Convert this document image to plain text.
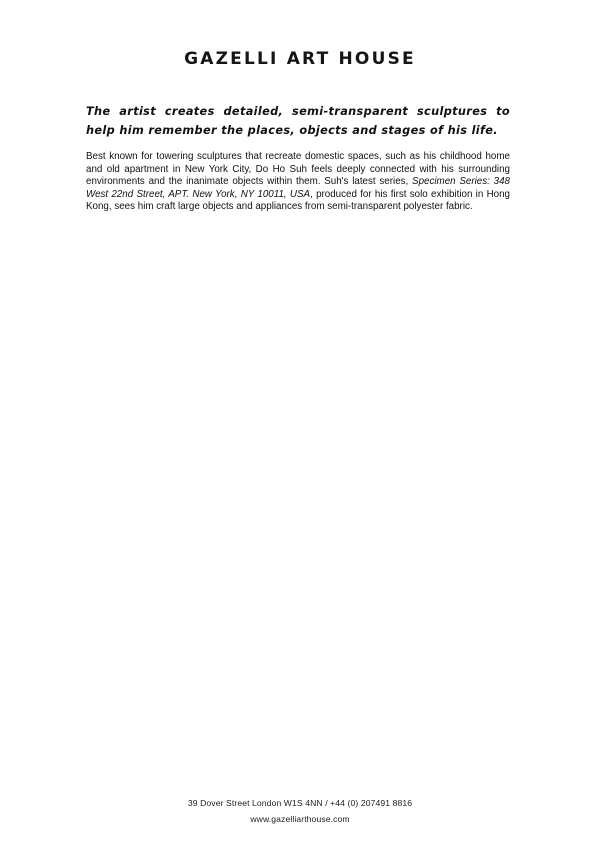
GAZELLI ART HOUSE

The artist creates detailed, semi-transparent sculptures to help him remember the places, objects and stages of his life.

Best known for towering sculptures that recreate domestic spaces, such as his childhood home and old apartment in New York City, Do Ho Suh feels deeply connected with his surrounding environments and the inanimate objects within them. Suh's latest series, Specimen Series: 348 West 22nd Street, APT. New York, NY 10011, USA, produced for his first solo exhibition in Hong Kong, sees him craft large objects and appliances from semi-transparent polyester fabric.

39 Dover Street London W1S 4NN / +44 (0) 207491 8816
www.gazelliarthouse.com
